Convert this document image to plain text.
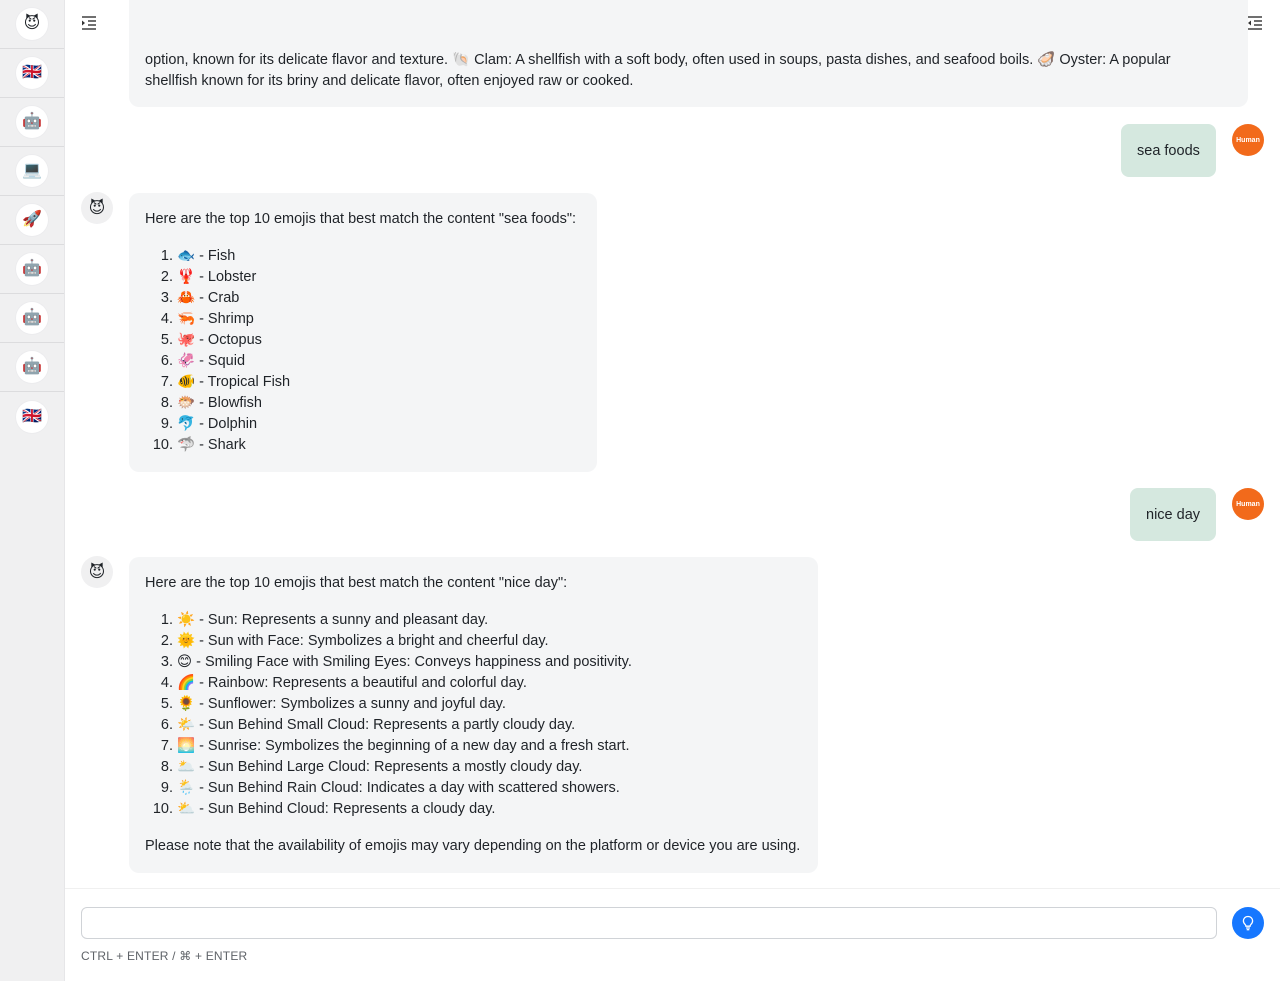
😈
🇬🇧
🤖
💻
🚀
🤖
🤖
🤖
🇬🇧
option, known for its delicate flavor and texture. 🐚 Clam: A shellfish with a soft body, often used in soups, pasta dishes, and seafood boils. 🦪 Oyster: A popular
shellfish known for its briny and delicate flavor, often enjoyed raw or cooked.
sea foods
Human
😈

Here are the top 10 emojis that best match the content "sea foods":

1. 🐟 - Fish
2. 🦞 - Lobster
3. 🦀 - Crab
4. 🦐 - Shrimp
5. 🐙 - Octopus
6. 🦑 - Squid
7. 🐠 - Tropical Fish
8. 🐡 - Blowfish
9. 🐬 - Dolphin
10. 🦈 - Shark
nice day
Human
😈

Here are the top 10 emojis that best match the content "nice day":

1. ☀️ - Sun: Represents a sunny and pleasant day.
2. 🌞 - Sun with Face: Symbolizes a bright and cheerful day.
3. 😊 - Smiling Face with Smiling Eyes: Conveys happiness and positivity.
4. 🌈 - Rainbow: Represents a beautiful and colorful day.
5. 🌻 - Sunflower: Symbolizes a sunny and joyful day.
6. 🌤️ - Sun Behind Small Cloud: Represents a partly cloudy day.
7. 🌅 - Sunrise: Symbolizes the beginning of a new day and a fresh start.
8. 🌥️ - Sun Behind Large Cloud: Represents a mostly cloudy day.
9. 🌦️ - Sun Behind Rain Cloud: Indicates a day with scattered showers.
10. ⛅ - Sun Behind Cloud: Represents a cloudy day.

Please note that the availability of emojis may vary depending on the platform or device you are using.

CTRL + ENTER / ⌘ + ENTER
